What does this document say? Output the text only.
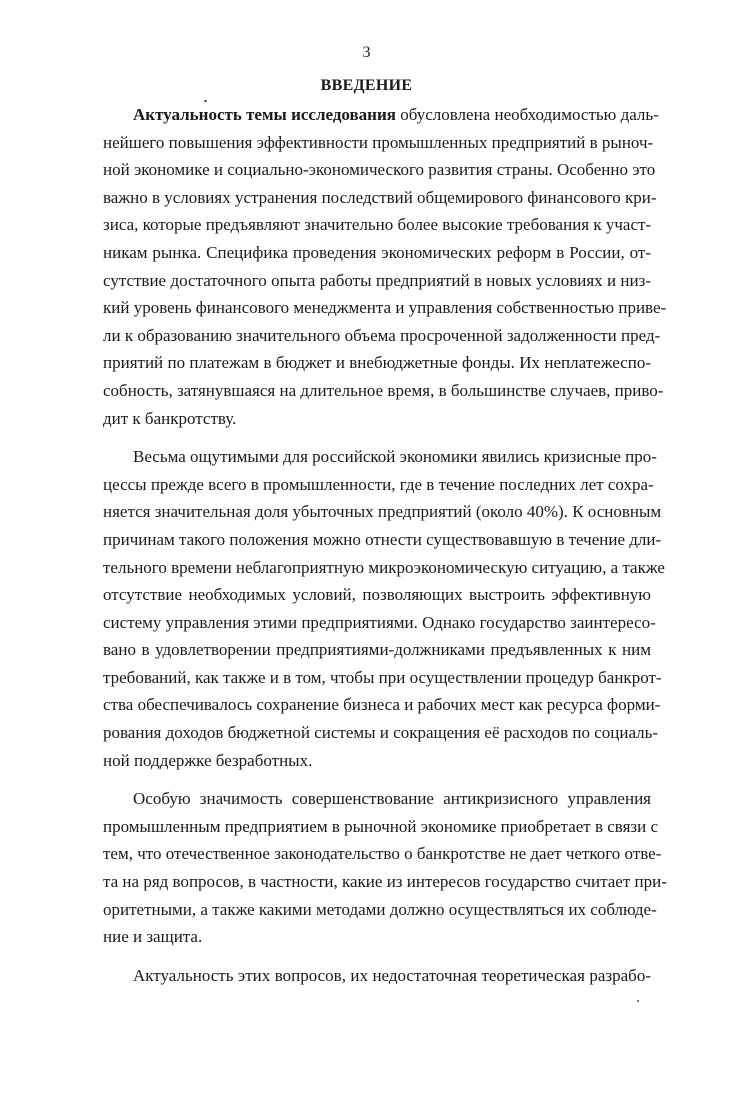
3
ВВЕДЕНИЕ
Актуальность темы исследования обусловлена необходимостью даль-
нейшего повышения эффективности промышленных предприятий в рыноч-
ной экономике и социально-экономического развития страны. Особенно это
важно в условиях устранения последствий общемирового финансового кри-
зиса, которые предъявляют значительно более высокие требования к участ-
никам рынка. Специфика проведения экономических реформ в России, от-
сутствие достаточного опыта работы предприятий в новых условиях и низ-
кий уровень финансового менеджмента и управления собственностью приве-
ли к образованию значительного объема просроченной задолженности пред-
приятий по платежам в бюджет и внебюджетные фонды. Их неплатежеспо-
собность, затянувшаяся на длительное время, в большинстве случаев, приво-
дит к банкротству.
Весьма ощутимыми для российской экономики явились кризисные про-
цессы прежде всего в промышленности, где в течение последних лет сохра-
няется значительная доля убыточных предприятий (около 40%). К основным
причинам такого положения можно отнести существовавшую в течение дли-
тельного времени неблагоприятную микроэкономическую ситуацию, а также
отсутствие необходимых условий, позволяющих выстроить эффективную
систему управления этими предприятиями. Однако государство заинтересо-
вано в удовлетворении предприятиями-должниками предъявленных к ним
требований, как также и в том, чтобы при осуществлении процедур банкрот-
ства обеспечивалось сохранение бизнеса и рабочих мест как ресурса форми-
рования доходов бюджетной системы и сокращения её расходов по социаль-
ной поддержке безработных.
Особую значимость совершенствование антикризисного управления
промышленным предприятием в рыночной экономике приобретает в связи с
тем, что отечественное законодательство о банкротстве не дает четкого отве-
та на ряд вопросов, в частности, какие из интересов государство считает при-
оритетными, а также какими методами должно осуществляться их соблюде-
ние и защита.
Актуальность этих вопросов, их недостаточная теоретическая разрабо-
